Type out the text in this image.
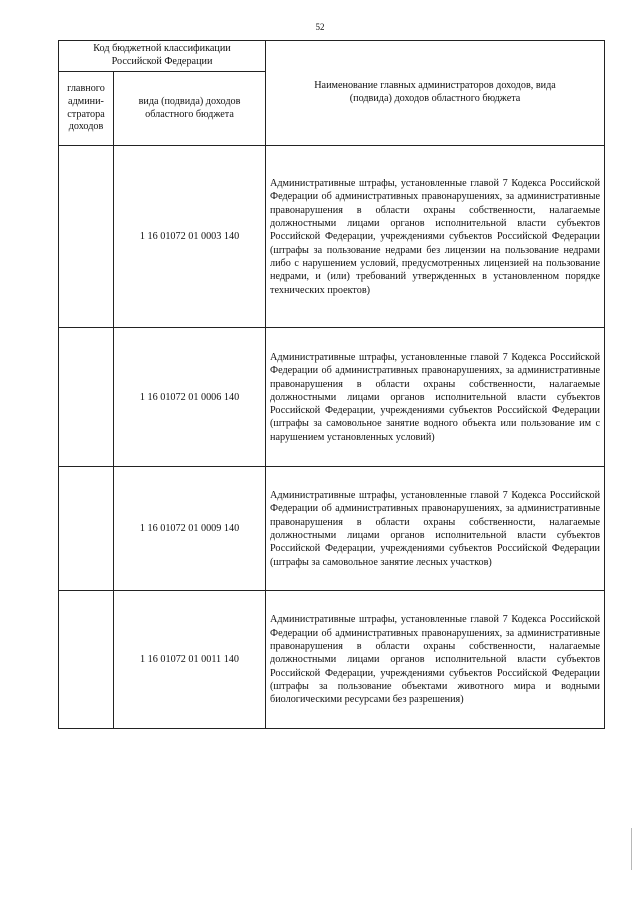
52
Код бюджетной классификации
Российской Федерации		Наименование главных администраторов доходов, вида
(подвида) доходов областного бюджета
главного
админи-
стратора
доходов	вида (подвида) доходов
областного бюджета	
	1 16 01072 01 0003 140	Административные штрафы, установленные главой 7 Кодекса Российской Федерации об административных правонарушениях, за административные правонарушения в области охраны собственности, налагаемые должностными лицами органов исполнительной власти субъектов Российской Федерации, учреждениями субъектов Российской Федерации (штрафы за пользование недрами без лицензии на пользование недрами либо с нарушением условий, предусмотренных лицензией на пользование недрами, и (или) требований утвержденных в установленном порядке технических проектов)

	1 16 01072 01 0006 140	Административные штрафы, установленные главой 7 Кодекса Российской Федерации об административных правонарушениях, за административные правонарушения в области охраны собственности, налагаемые должностными лицами органов исполнительной власти субъектов Российской Федерации, учреждениями субъектов Российской Федерации (штрафы за самовольное занятие водного объекта или пользование им с нарушением установленных условий)

	1 16 01072 01 0009 140	Административные штрафы, установленные главой 7 Кодекса Российской Федерации об административных правонарушениях, за административные правонарушения в области охраны собственности, налагаемые должностными лицами органов исполнительной власти субъектов Российской Федерации, учреждениями субъектов Российской Федерации (штрафы за самовольное занятие лесных участков)

	1 16 01072 01 0011 140	Административные штрафы, установленные главой 7 Кодекса Российской Федерации об административных правонарушениях, за административные правонарушения в области охраны собственности, налагаемые должностными лицами органов исполнительной власти субъектов Российской Федерации, учреждениями субъектов Российской Федерации (штрафы за пользование объектами животного мира и водными биологическими ресурсами без разрешения)
